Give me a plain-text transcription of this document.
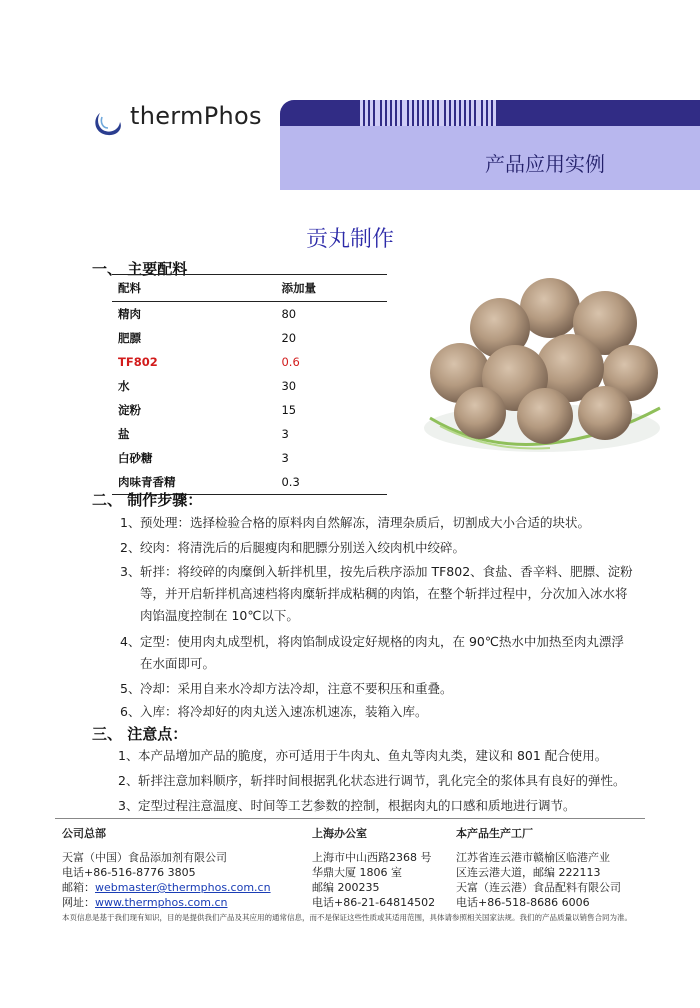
thermPhos
产品应用实例
贡丸制作
一、 主要配料
配料	添加量
精肉	80
肥膘	20
TF802	0.6
水	30
淀粉	15
盐	3
白砂糖	3
肉味青香精	0.3
二、 制作步骤：
1、 预处理：选择检验合格的原料肉自然解冻，清理杂质后，切割成大小合适的块状。
2、 绞肉：将清洗后的后腿瘦肉和肥膘分别送入绞肉机中绞碎。
3、 斩拌：将绞碎的肉糜倒入斩拌机里，按先后秩序添加 TF802、食盐、香辛料、肥膘、淀粉等，并开启斩拌机高速档将肉糜斩拌成粘稠的肉馅，在整个斩拌过程中，分次加入冰水将肉馅温度控制在 10℃以下。
4、 定型：使用肉丸成型机，将肉馅制成设定好规格的肉丸，在 90℃热水中加热至肉丸漂浮在水面即可。
5、 冷却：采用自来水冷却方法冷却，注意不要积压和重叠。
6、 入库：将冷却好的肉丸送入速冻机速冻，装箱入库。
三、 注意点：
1、 本产品增加产品的脆度，亦可适用于牛肉丸、鱼丸等肉丸类，建议和 801 配合使用。
2、 斩拌注意加料顺序，斩拌时间根据乳化状态进行调节，乳化完全的浆体具有良好的弹性。
3、 定型过程注意温度、时间等工艺参数的控制，根据肉丸的口感和质地进行调节。
公司总部
天富（中国）食品添加剂有限公司
电话+86-516-8776 3805
邮箱：webmaster@thermphos.com.cn
网址：www.thermphos.com.cn
上海办公室
上海市中山西路2368 号
华鼎大厦 1806 室
邮编 200235
电话+86-21-64814502
本产品生产工厂
江苏省连云港市赣榆区临港产业
区连云港大道，邮编 222113
天富（连云港）食品配料有限公司
电话+86-518-8686 6006
本页信息是基于我们现有知识，目的是提供我们产品及其应用的通常信息，而不是保证这些性质或其适用范围，具体请参照相关国家法规。我们的产品质量以销售合同为准。
